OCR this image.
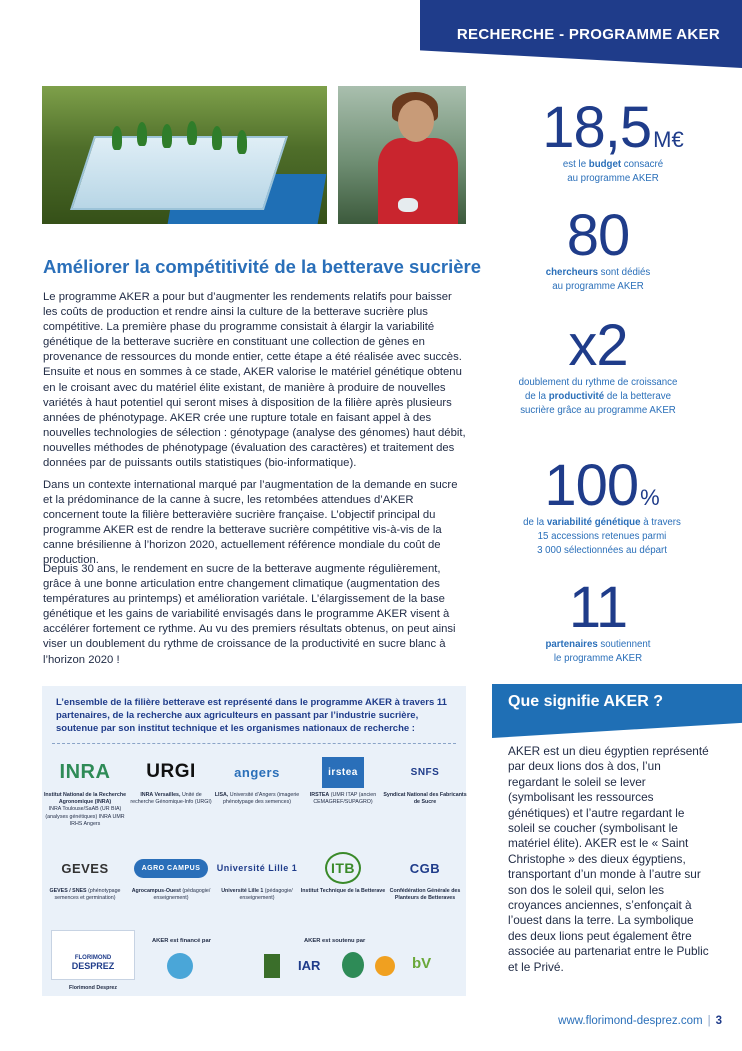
RECHERCHE - PROGRAMME AKER
Améliorer la compétitivité de la betterave sucrière

Le programme AKER a pour but d’augmenter les rendements relatifs pour baisser les coûts de production et rendre ainsi la culture de la betterave sucrière plus compétitive. La première phase du programme consistait à élargir la variabilité génétique de la betterave sucrière en constituant une collection de gènes en provenance de ressources du monde entier, cette étape a été réalisée avec succès. Ensuite et nous en sommes à ce stade, AKER valorise le matériel génétique obtenu en le croisant avec du matériel élite existant, de manière à produire de nouvelles variétés à haut potentiel qui seront mises à disposition de la filière après plusieurs années de phénotypage. AKER crée une rupture totale en faisant appel à des nouvelles technologies de sélection : génotypage (analyse des génomes) haut débit, nouvelles méthodes de phénotypage (évaluation des caractères) et traitement des données par de puissants outils statistiques (bio-informatique).

Dans un contexte international marqué par l’augmentation de la demande en sucre et la prédominance de la canne à sucre, les retombées attendues d’AKER concernent toute la filière betteravière sucrière française. L’objectif principal du programme AKER est de rendre la betterave sucrière compétitive vis-à-vis de la canne brésilienne à l’horizon 2020, actuellement référence mondiale du coût de production.

Depuis 30 ans, le rendement en sucre de la betterave augmente régulièrement, grâce à une bonne articulation entre changement climatique (augmentation des températures au printemps) et amélioration variétale. L’élargissement de la base génétique et les gains de variabilité envisagés dans le programme AKER visent à accélérer fortement ce rythme. Au vu des premiers résultats obtenus, on peut ainsi viser un doublement du rythme de croissance de la productivité en sucre blanc à l’horizon 2020 !

18,5M€

est le budget consacré

au programme AKER

80

chercheurs sont dédiés

au programme AKER

x2

doublement du rythme de croissance

de la productivité de la betterave

sucrière grâce au programme AKER

100%

de la variabilité génétique à travers

15 accessions retenues parmi

3 000 sélectionnées au départ

11

partenaires soutiennent

le programme AKER

L’ensemble de la filière betterave est représenté dans le programme AKER à travers 11 partenaires, de la recherche aux agriculteurs en passant par l’industrie sucrière, soutenue par son institut technique et les organismes nationaux de recherche :

INRA

Institut National de la Recherche Agronomique (INRA)

INRA Toulouse/SaAB (UR BIA) (analyses génétiques) INRA UMR IRHS Angers

URGI

INRA Versailles, Unité de recherche Génomique-Info (URGI)

angers

LISA, Université d’Angers (imagerie phénotypage des semences)

irstea

IRSTEA (UMR ITAP (ancien CEMAGREF/SUPAGRO)

SNFS

Syndicat National des Fabricants de Sucre

GEVES

GEVES / SNES (phénotypage semences et germination)

AGRO CAMPUS

Agrocampus-Ouest (pédagogie/ enseignement)

Université Lille 1

Université Lille 1 (pédagogie/ enseignement)

ITB

Institut Technique de la Betterave

CGB

Confédération Générale des Planteurs de Betteraves

FLORIMOND
DESPREZ

Florimond Desprez

AKER est financé par	AKER est soutenu par

IAR	bV
Que signifie AKER ?

AKER est un dieu égyptien représenté par deux lions dos à dos, l’un regardant le soleil se lever (symbolisant les ressources génétiques) et l’autre regardant le soleil se coucher (symbolisant le matériel élite). AKER est le « Saint Christophe » des dieux égyptiens, transportant d’un monde à l’autre sur son dos le soleil qui, selon les croyances anciennes, s’enfonçait à l’ouest dans la terre. La symbolique des deux lions peut également être associée au partenariat entre le Public et le Privé.

www.florimond-desprez.com | 3
